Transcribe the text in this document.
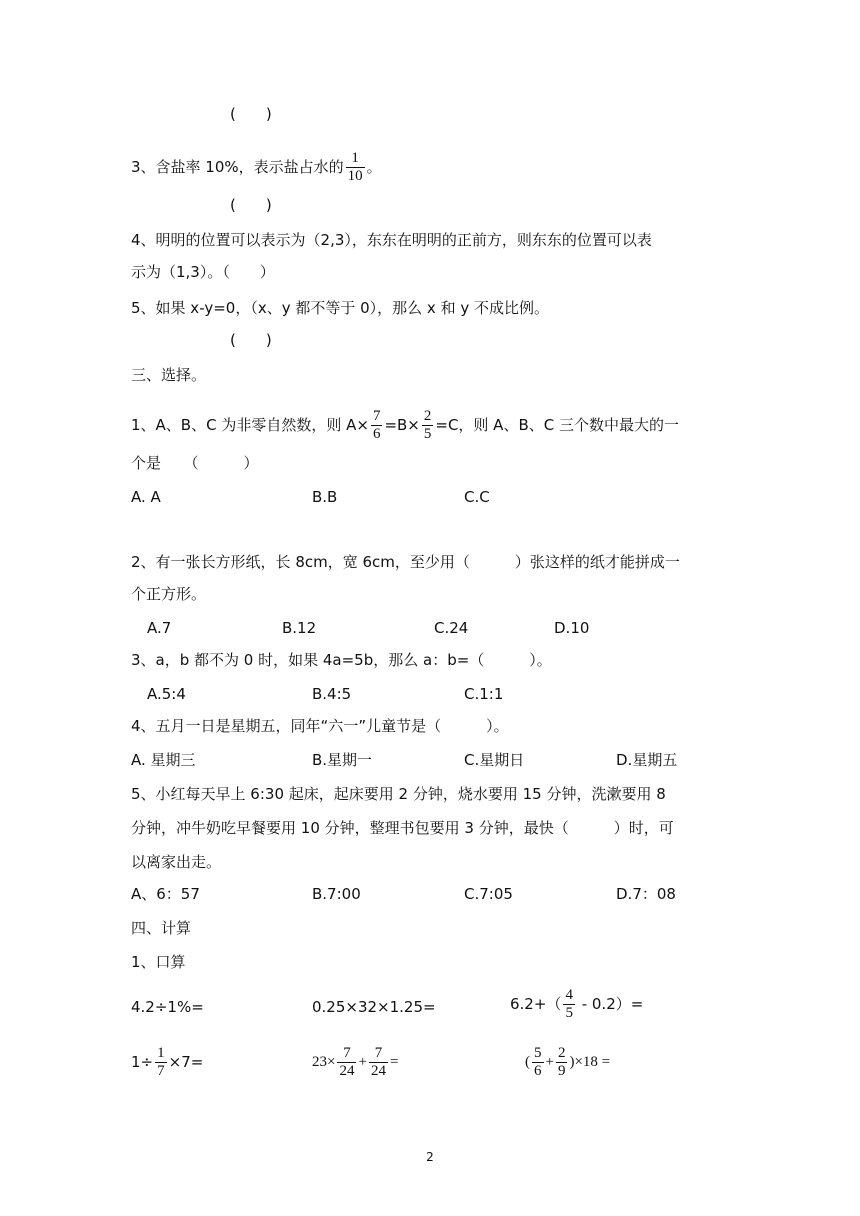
(　　)
3、含盐率 10%，表示盐占水的 $\frac{1}{10}$ 。
(　　)
4、明明的位置可以表示为（2,3），东东在明明的正前方，则东东的位置可以表
示为（1,3）。（　　）
5、如果 x-y=0，（x、y 都不等于 0），那么 x 和 y 不成比例。
(　　)
三、选择。
1、A、B、C 为非零自然数，则 $A\times \frac{7}{6} =B\times \frac{2}{5} =C$，则 A、B、C 三个数中最大的一
个是　　（　　　）
A. A	B.B	C.C
2、有一张长方形纸，长 8cm，宽 6cm，至少用（　　　）张这样的纸才能拼成一
个正方形。
A.7	B.12	C.24	D.10
3、a，b 都不为 0 时，如果 4a=5b，那么 a：b=（　　　）。
A.5:4	B.4:5	C.1:1
4、五月一日是星期五，同年“六一”儿童节是（　　　）。
A. 星期三	B.星期一	C.星期日	D.星期五
5、小红每天早上 6:30 起床，起床要用 2 分钟，烧水要用 15 分钟，洗漱要用 8
分钟，冲牛奶吃早餐要用 10 分钟，整理书包要用 3 分钟，最快（　　　）时，可
以离家出走。
A、6：57	B.7:00	C.7:05	D.7：08
四、计算
1、口算
4.2÷1%=	0.25×32×1.25=	$6.2+( \frac{4}{5} - 0.2)=$
$1\div \frac{1}{7} \times 7=$	$23\times \frac{7}{24} + \frac{7}{24}$ =	( $\frac{5}{6} + \frac{2}{9} )\times 18$ =
2
